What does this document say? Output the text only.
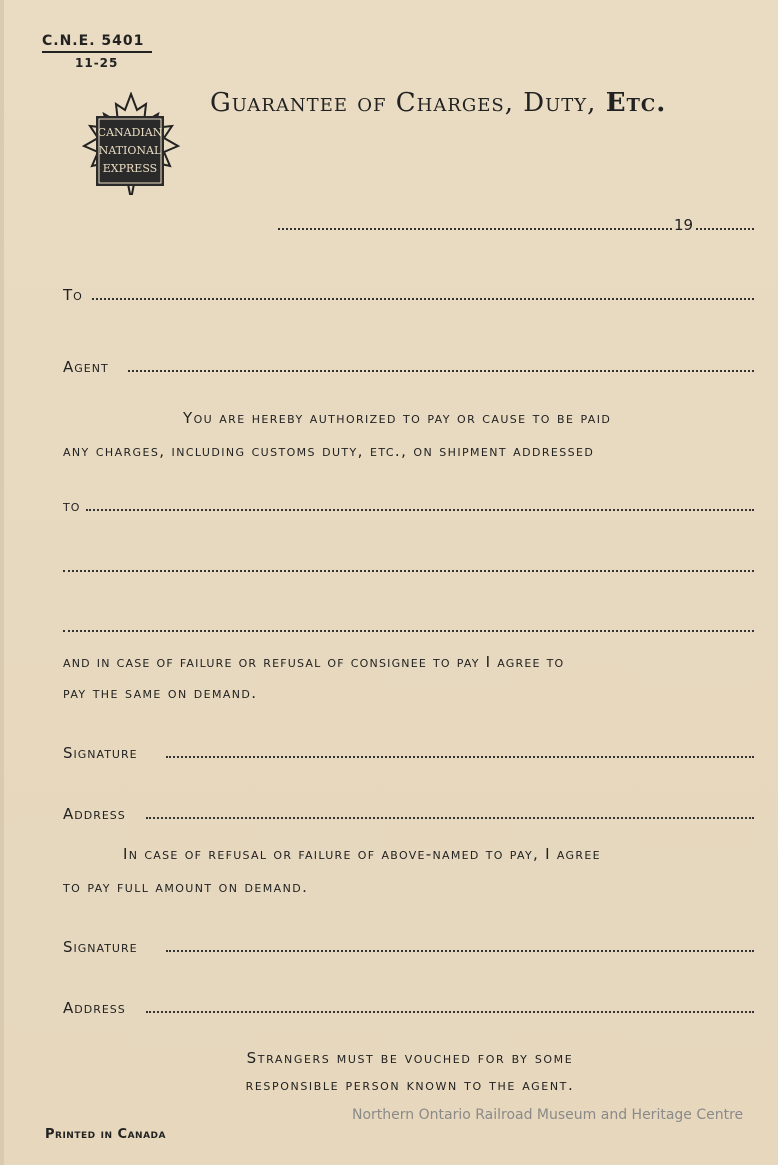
C.N.E. 5401
11-25
CANADIAN
NATIONAL
EXPRESS
Guarantee of Charges, Duty, Etc.
19
To
Agent
You are hereby authorized to pay or cause to be paid
any charges, including customs duty, etc., on shipment addressed
to
and in case of failure or refusal of consignee to pay I agree to
pay the same on demand.
Signature
Address
In case of refusal or failure of above-named to pay, I agree
to pay full amount on demand.
Signature
Address
Strangers must be vouched for by some
responsible person known to the agent.
Northern Ontario Railroad Museum and Heritage Centre
Printed in Canada
